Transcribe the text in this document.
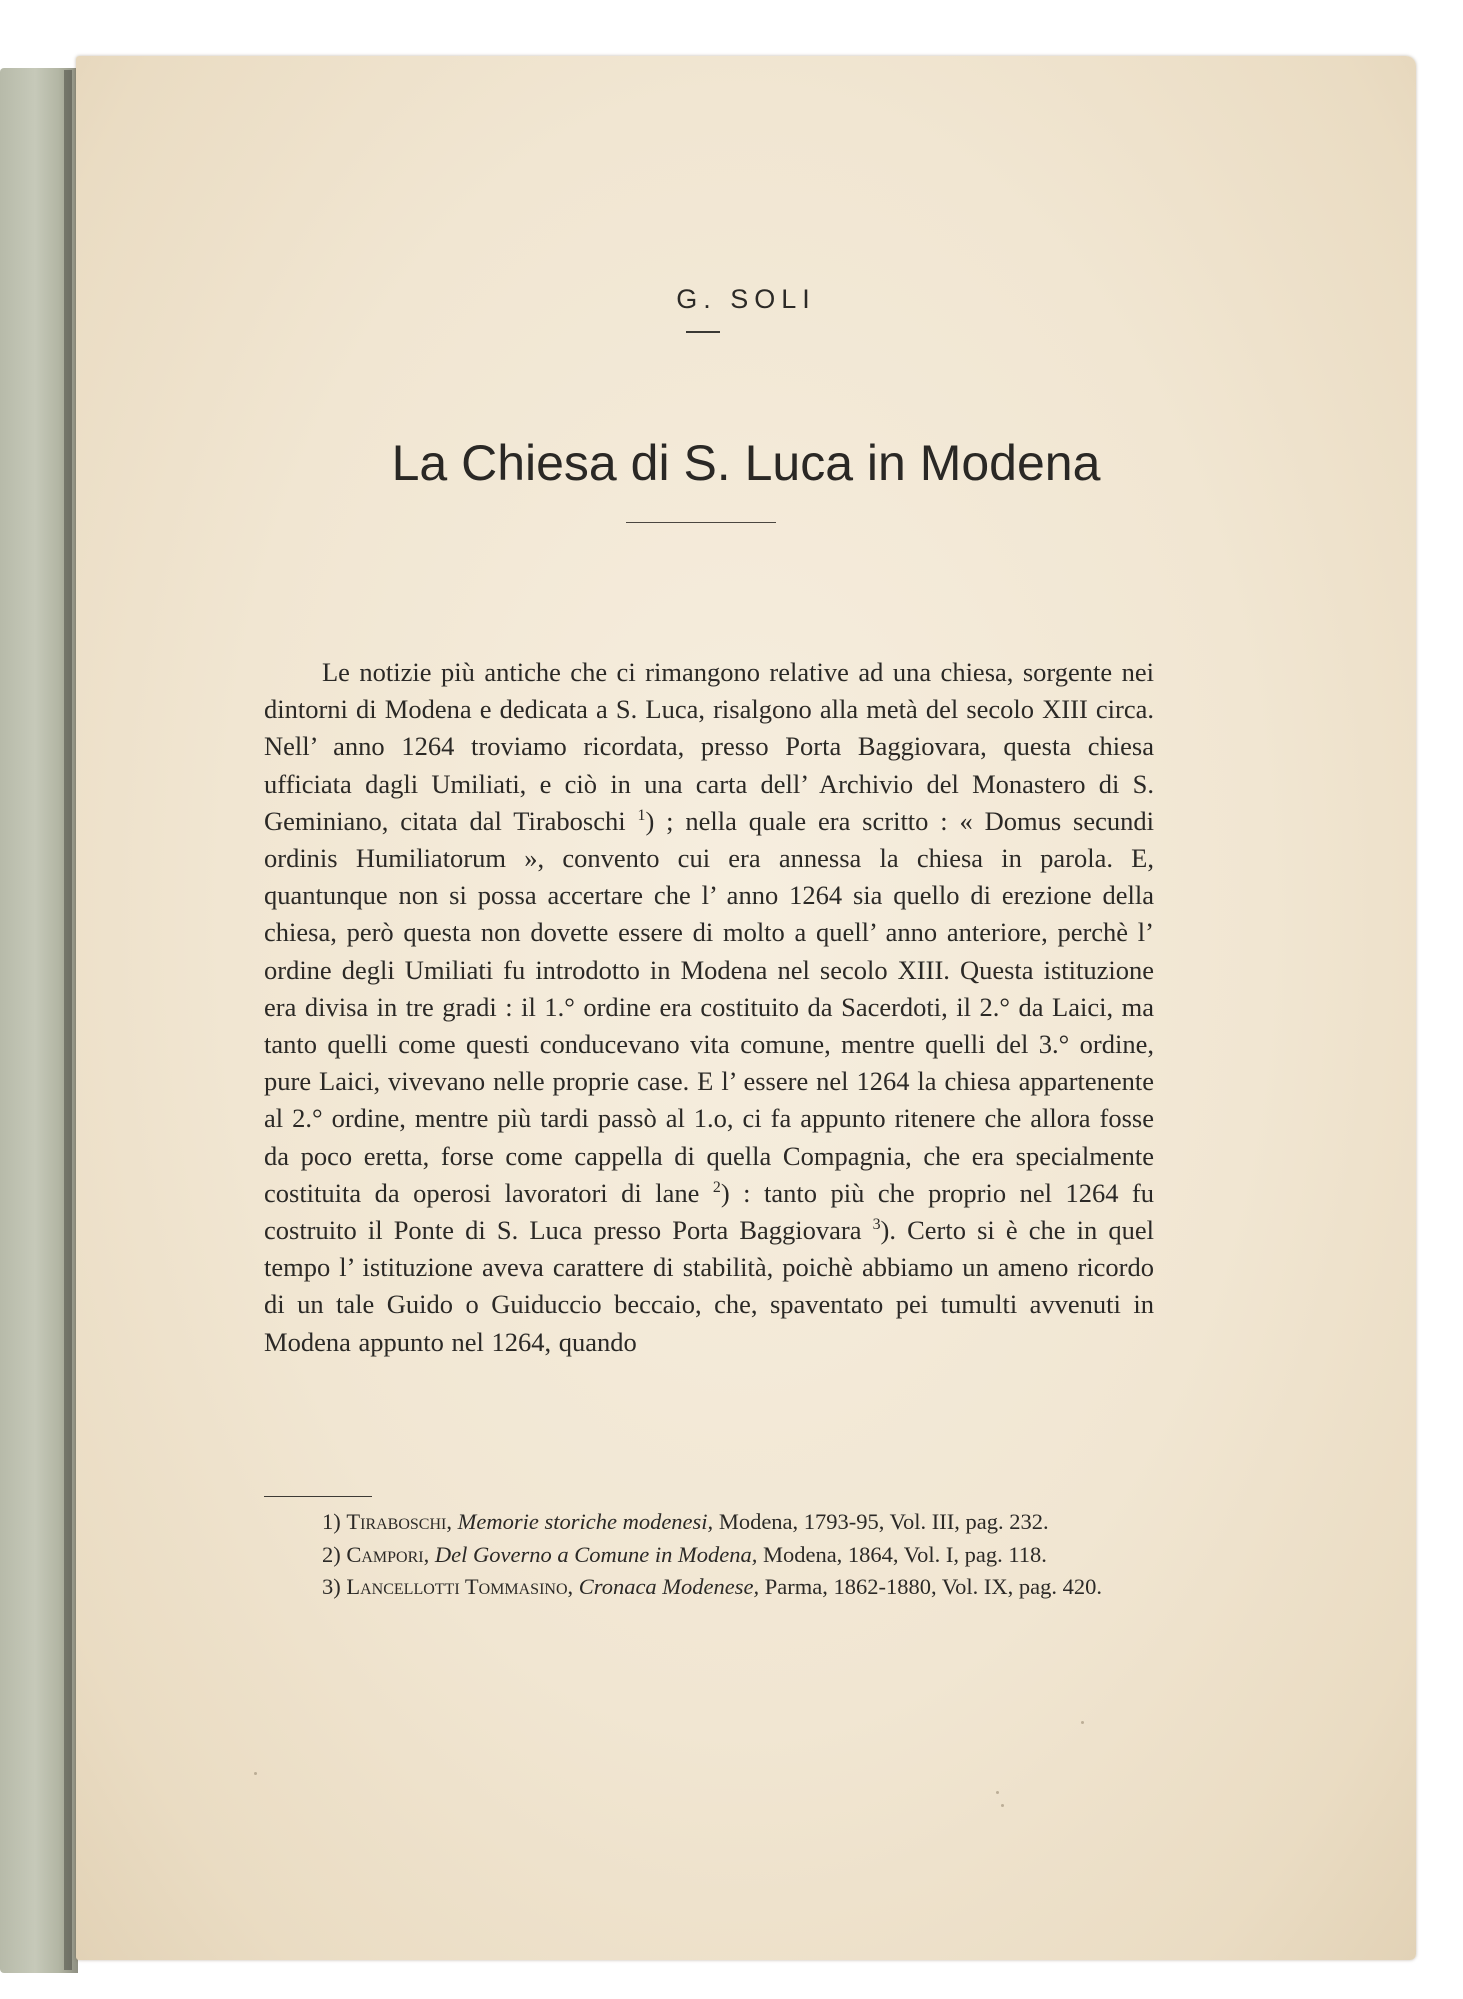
G. SOLI
La Chiesa di S. Luca in Modena

Le notizie più antiche che ci rimangono relative ad una chiesa, sorgente nei dintorni di Modena e dedicata a S. Luca, risalgono alla metà del secolo XIII circa. Nell’ anno 1264 troviamo ricordata, presso Porta Baggiovara, questa chiesa ufficiata dagli Umiliati, e ciò in una carta dell’ Archivio del Monastero di S. Geminiano, citata dal Tiraboschi $^1$) ; nella quale era scritto : « Domus secundi ordinis Humiliatorum », convento cui era annessa la chiesa in parola. E, quantunque non si possa accertare che l’ anno 1264 sia quello di erezione della chiesa, però questa non dovette essere di molto a quell’ anno anteriore, perchè l’ ordine degli Umiliati fu introdotto in Modena nel secolo XIII. Questa istituzione era divisa in tre gradi : il 1.° ordine era costituito da Sacerdoti, il 2.° da Laici, ma tanto quelli come questi conducevano vita comune, mentre quelli del 3.° ordine, pure Laici, vivevano nelle proprie case. E l’ essere nel 1264 la chiesa appartenente al 2.° ordine, mentre più tardi passò al 1.o, ci fa appunto ritenere che allora fosse da poco eretta, forse come cappella di quella Compagnia, che era specialmente costituita da operosi lavoratori di lane $^2$) : tanto più che proprio nel 1264 fu costruito il Ponte di S. Luca presso Porta Baggiovara $^3$). Certo si è che in quel tempo l’ istituzione aveva carattere di stabilità, poichè abbiamo un ameno ricordo di un tale Guido o Guiduccio beccaio, che, spaventato pei tumulti avvenuti in Modena appunto nel 1264, quando

1) Tiraboschi, Memorie storiche modenesi, Modena, 1793-95, Vol. III, pag. 232.

2) Campori, Del Governo a Comune in Modena, Modena, 1864, Vol. I, pag. 118.

3) Lancellotti Tommasino, Cronaca Modenese, Parma, 1862-1880, Vol. IX, pag. 420.
